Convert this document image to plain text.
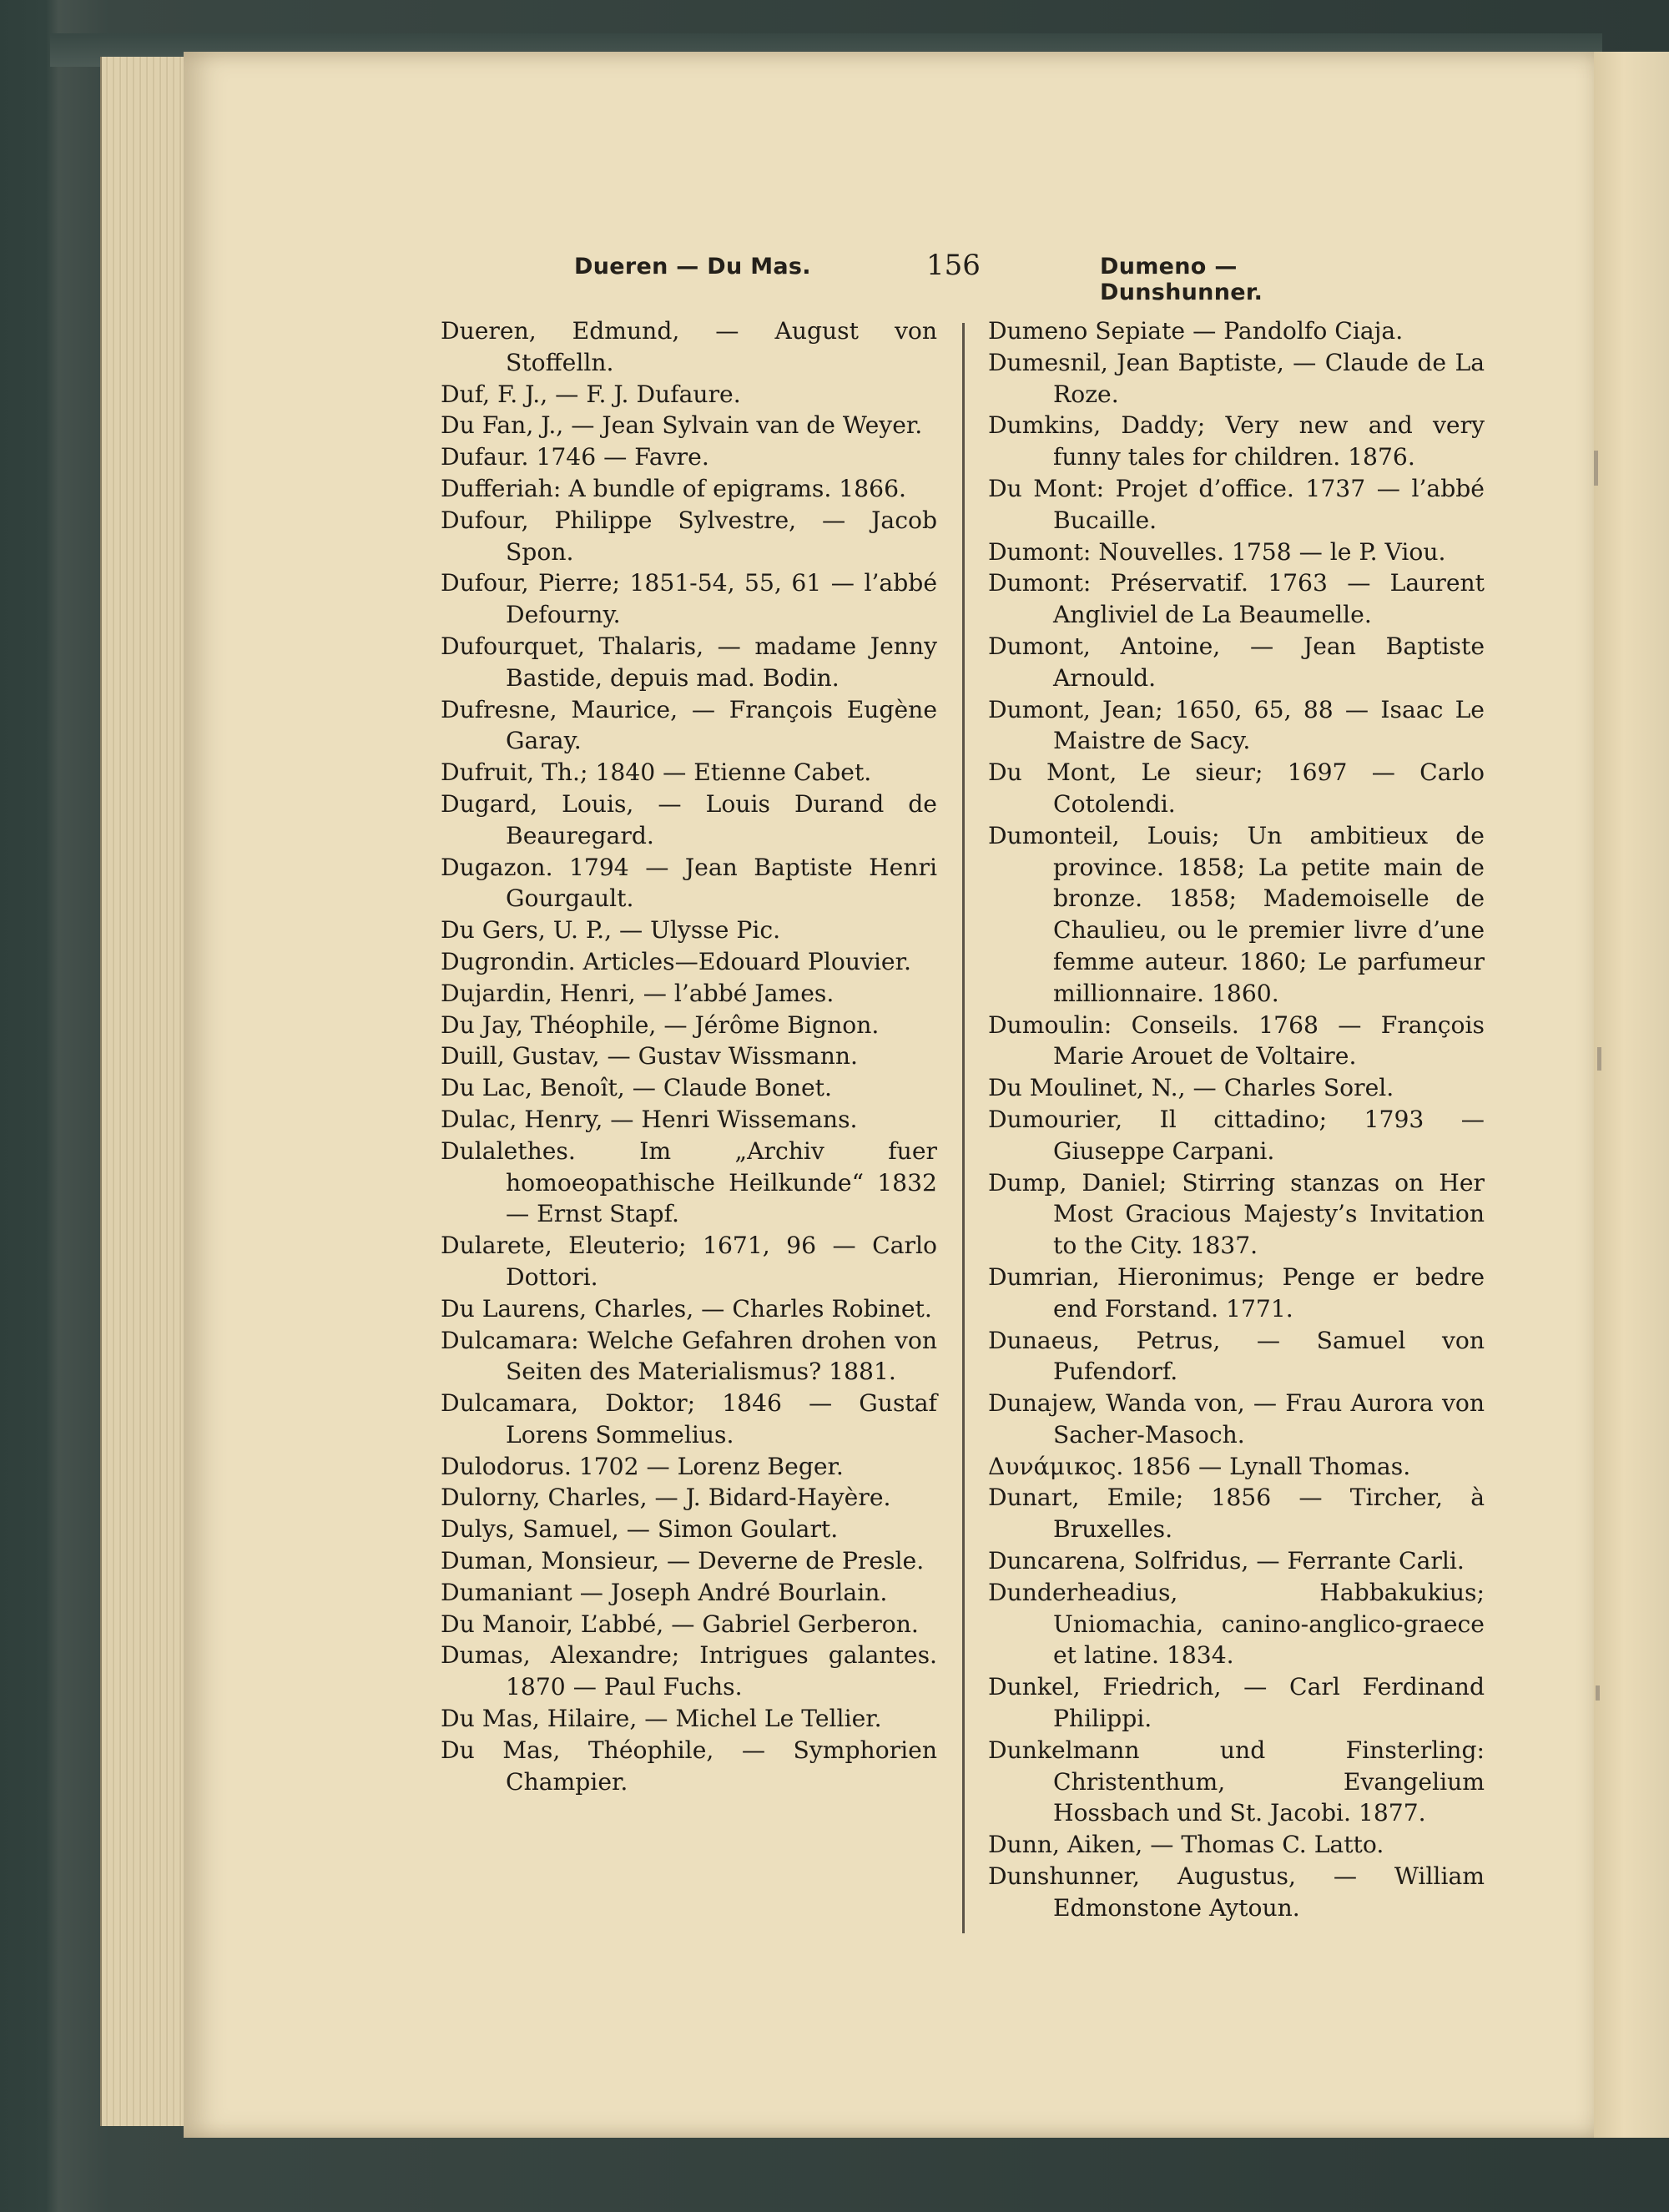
Dueren — Du Mas.	156	Dumeno — Dunshunner.

Dueren, Edmund, — August von Stoffelln.

Duf, F. J., — F. J. Dufaure.

Du Fan, J., — Jean Sylvain van de Weyer.

Dufaur. 1746 — Favre.

Dufferiah: A bundle of epigrams. 1866.

Dufour, Philippe Sylvestre, — Jacob Spon.

Dufour, Pierre; 1851-54, 55, 61 — l’abbé Defourny.

Dufourquet, Thalaris, — madame Jenny Bastide, depuis mad. Bodin.

Dufresne, Maurice, — François Eugène Garay.

Dufruit, Th.; 1840 — Etienne Cabet.

Dugard, Louis, — Louis Durand de Beauregard.

Dugazon. 1794 — Jean Baptiste Henri Gourgault.

Du Gers, U. P., — Ulysse Pic.

Dugrondin. Articles—Edouard Plouvier.

Dujardin, Henri, — l’abbé James.

Du Jay, Théophile, — Jérôme Bignon.

Duill, Gustav, — Gustav Wissmann.

Du Lac, Benoît, — Claude Bonet.

Dulac, Henry, — Henri Wissemans.

Dulalethes. Im „Archiv fuer homoeopathische Heilkunde“ 1832 — Ernst Stapf.

Dularete, Eleuterio; 1671, 96 — Carlo Dottori.

Du Laurens, Charles, — Charles Robinet.

Dulcamara: Welche Gefahren drohen von Seiten des Materialismus? 1881.

Dulcamara, Doktor; 1846 — Gustaf Lorens Sommelius.

Dulodorus. 1702 — Lorenz Beger.

Dulorny, Charles, — J. Bidard-Hayère.

Dulys, Samuel, — Simon Goulart.

Duman, Monsieur, — Deverne de Presle.

Dumaniant — Joseph André Bourlain.

Du Manoir, L’abbé, — Gabriel Gerberon.

Dumas, Alexandre; Intrigues galantes. 1870 — Paul Fuchs.

Du Mas, Hilaire, — Michel Le Tellier.

Du Mas, Théophile, — Symphorien Champier.

Dumeno Sepiate — Pandolfo Ciaja.

Dumesnil, Jean Baptiste, — Claude de La Roze.

Dumkins, Daddy; Very new and very funny tales for children. 1876.

Du Mont: Projet d’office. 1737 — l’abbé Bucaille.

Dumont: Nouvelles. 1758 — le P. Viou.

Dumont: Préservatif. 1763 — Laurent Angliviel de La Beaumelle.

Dumont, Antoine, — Jean Baptiste Arnould.

Dumont, Jean; 1650, 65, 88 — Isaac Le Maistre de Sacy.

Du Mont, Le sieur; 1697 — Carlo Cotolendi.

Dumonteil, Louis; Un ambitieux de province. 1858; La petite main de bronze. 1858; Mademoiselle de Chaulieu, ou le premier livre d’une femme auteur. 1860; Le parfumeur millionnaire. 1860.

Dumoulin: Conseils. 1768 — François Marie Arouet de Voltaire.

Du Moulinet, N., — Charles Sorel.

Dumourier, Il cittadino; 1793 — Giuseppe Carpani.

Dump, Daniel; Stirring stanzas on Her Most Gracious Majesty’s Invitation to the City. 1837.

Dumrian, Hieronimus; Penge er bedre end Forstand. 1771.

Dunaeus, Petrus, — Samuel von Pufendorf.

Dunajew, Wanda von, — Frau Aurora von Sacher-Masoch.

Δυνάμικος. 1856 — Lynall Thomas.

Dunart, Emile; 1856 — Tircher, à Bruxelles.

Duncarena, Solfridus, — Ferrante Carli.

Dunderheadius, Habbakukius; Uniomachia, canino-anglico-graece et latine. 1834.

Dunkel, Friedrich, — Carl Ferdinand Philippi.

Dunkelmann und Finsterling: Christenthum, Evangelium Hossbach und St. Jacobi. 1877.

Dunn, Aiken, — Thomas C. Latto.

Dunshunner, Augustus, — William Edmonstone Aytoun.
